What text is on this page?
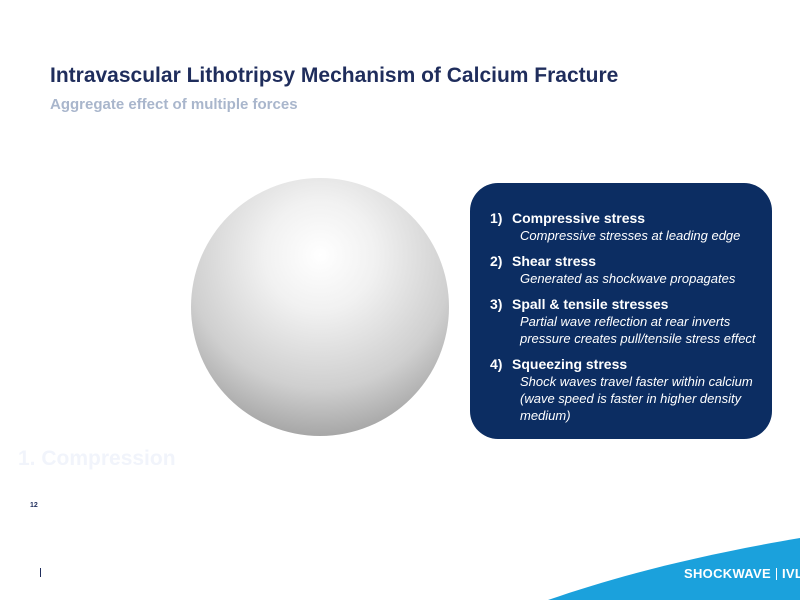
Intravascular Lithotripsy Mechanism of Calcium Fracture
Aggregate effect of multiple forces
1) Compressive stress
Compressive stresses at leading edge
2) Shear stress
Generated as shockwave propagates
3) Spall & tensile stresses
Partial wave reflection at rear inverts
pressure creates pull/tensile stress effect
4) Squeezing stress
Shock waves travel faster within calcium
(wave speed is faster in higher density
medium)
1. Compression
12
SHOCKWAVE IVL
